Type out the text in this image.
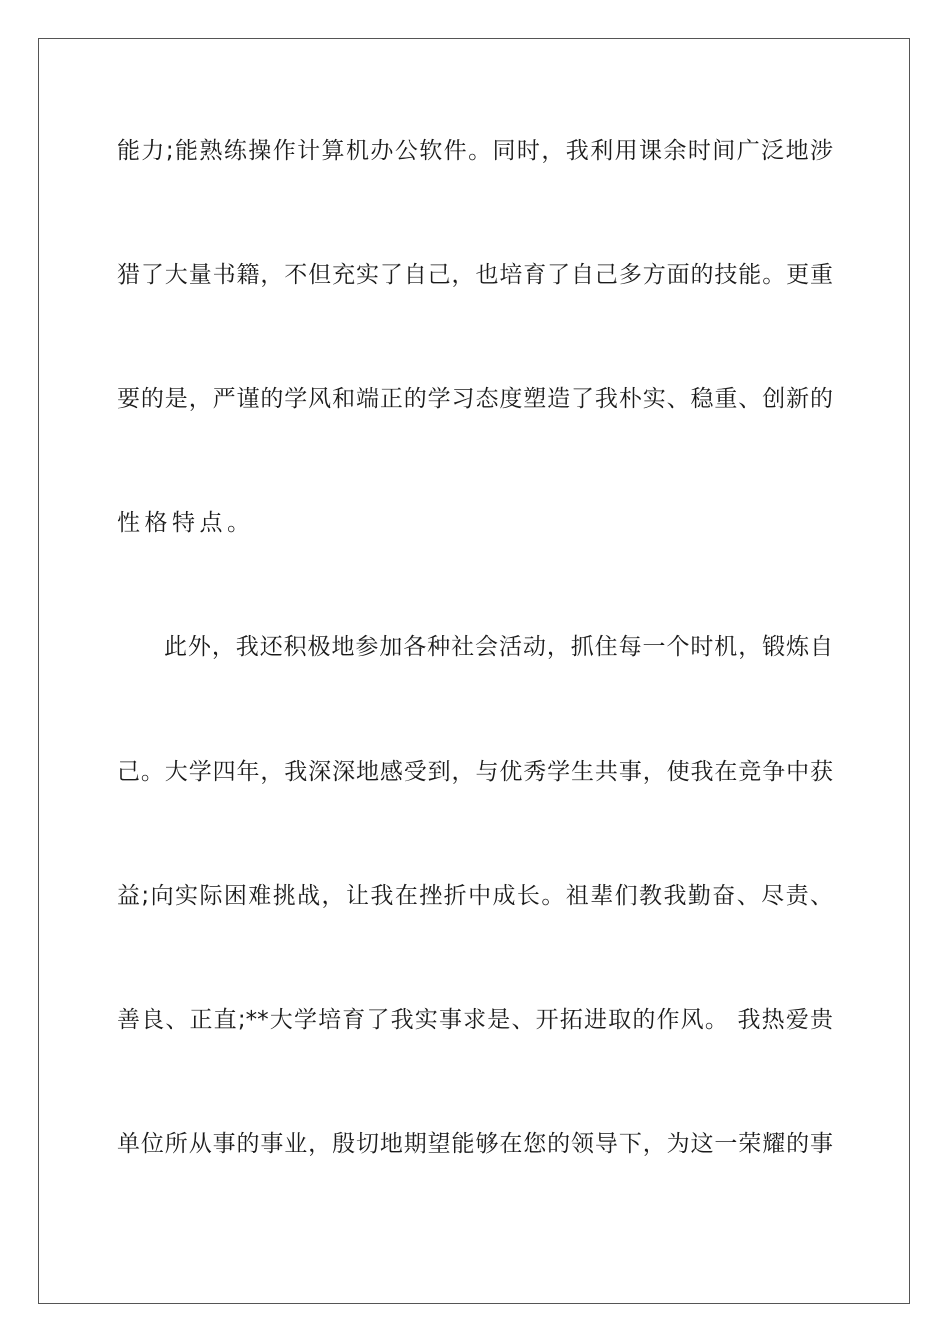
能力;能熟练操作计算机办公软件。同时，我利用课余时间广泛地涉
猎了大量书籍，不但充实了自己，也培育了自己多方面的技能。更重
要的是，严谨的学风和端正的学习态度塑造了我朴实、稳重、创新的
性格特点。
此外，我还积极地参加各种社会活动，抓住每一个时机，锻炼自
己。大学四年，我深深地感受到，与优秀学生共事，使我在竞争中获
益;向实际困难挑战，让我在挫折中成长。祖辈们教我勤奋、尽责、
善良、正直;**大学培育了我实事求是、开拓进取的作风。 我热爱贵
单位所从事的事业，殷切地期望能够在您的领导下，为这一荣耀的事
